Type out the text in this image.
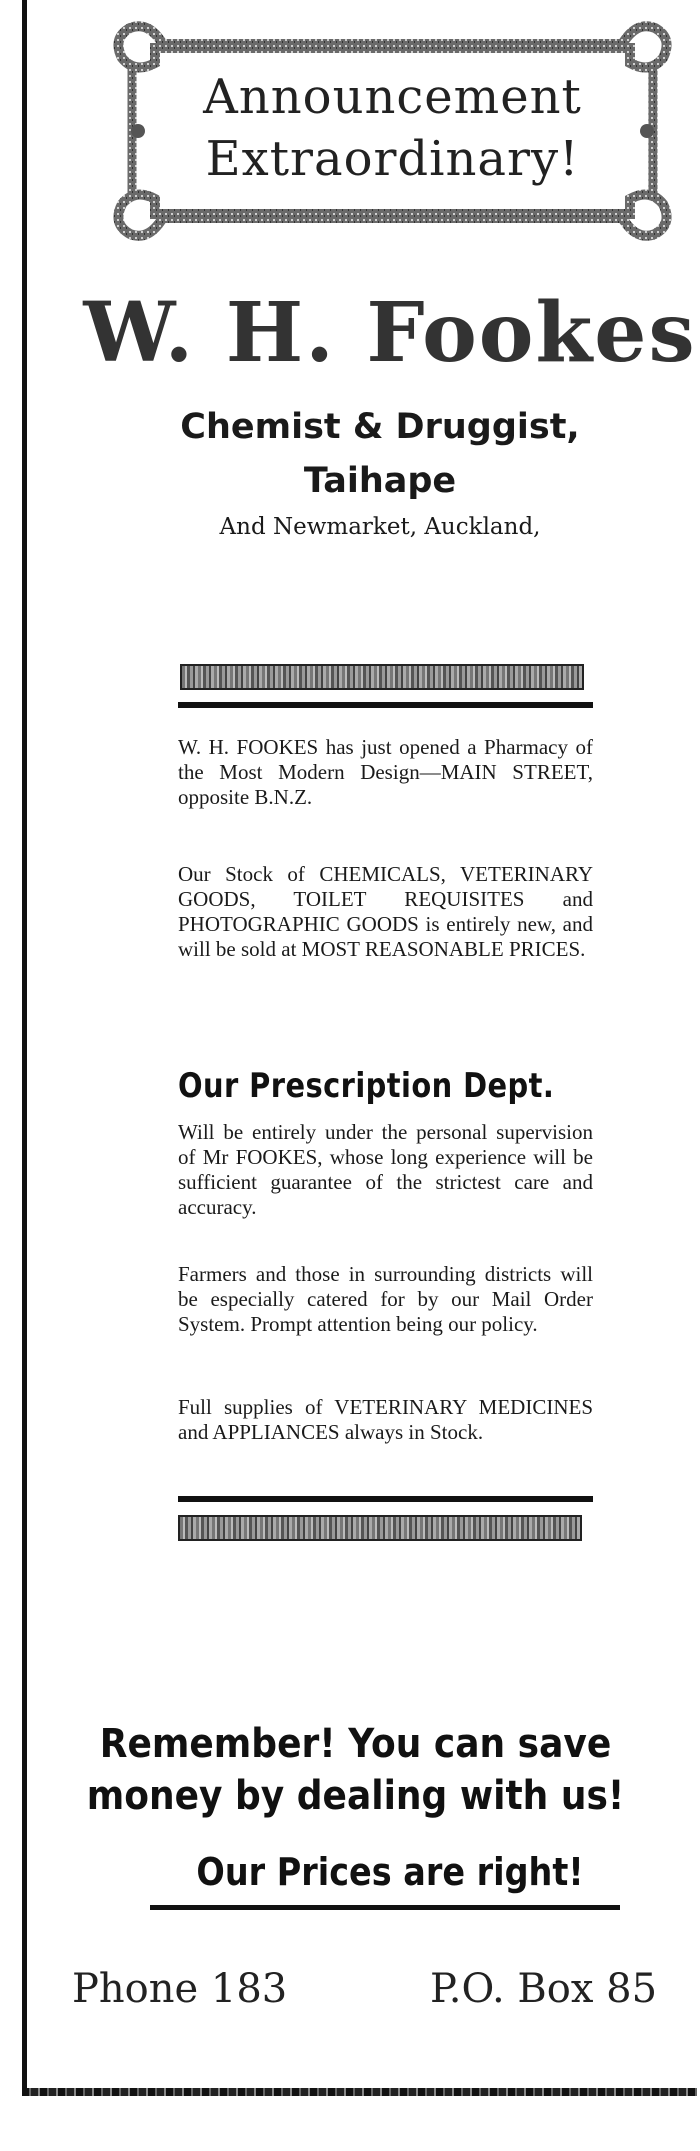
Announcement
Extraordinary!
W. H. Fookes
Chemist & Druggist,
Taihape
And Newmarket, Auckland,

W. H. FOOKES has just opened a Pharmacy of the Most Modern Design—MAIN STREET, opposite B.N.Z.

Our Stock of CHEMICALS, VETERINARY GOODS, TOILET REQUISITES and PHOTOGRAPHIC GOODS is entirely new, and will be sold at MOST REASONABLE PRICES.

Our Prescription Dept.

Will be entirely under the personal supervision of Mr FOOKES, whose long experience will be sufficient guarantee of the strictest care and accuracy.

Farmers and those in surrounding districts will be especially catered for by our Mail Order System. Prompt attention being our policy.

Full supplies of VETERINARY MEDICINES and APPLIANCES always in Stock.

Remember! You can save
money by dealing with us!
Our Prices are right!
Phone 183	P.O. Box 85
